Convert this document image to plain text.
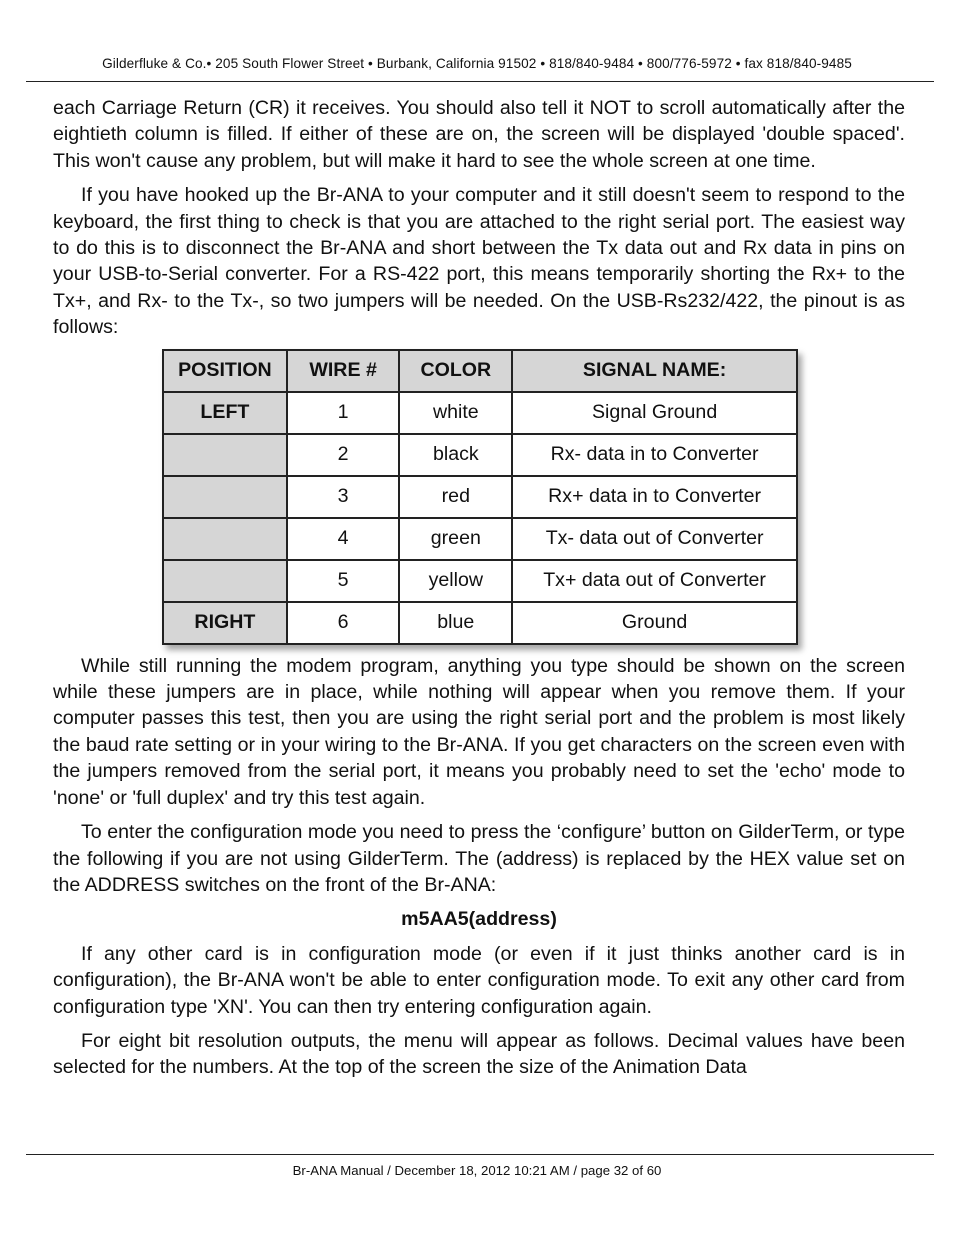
Gilderfluke & Co.• 205 South Flower Street • Burbank, California 91502 • 818/840-9484 • 800/776-5972 • fax 818/840-9485

each Carriage Return (CR) it receives. You should also tell it NOT to scroll automatically after the eightieth column is filled. If either of these are on, the screen will be displayed 'double spaced'. This won't cause any problem, but will make it hard to see the whole screen at one time.

If you have hooked up the Br-ANA to your computer and it still doesn't seem to respond to the keyboard, the first thing to check is that you are attached to the right serial port. The easiest way to do this is to disconnect the Br-ANA and short between the Tx data out and Rx data in pins on your USB-to-Serial converter. For a RS-422 port, this means temporarily shorting the Rx+ to the Tx+, and Rx- to the Tx-, so two jumpers will be needed. On the USB-Rs232/422, the pinout is as follows:

POSITION	WIRE #	COLOR	SIGNAL NAME:
LEFT	1	white	Signal Ground
	2	black	Rx- data in to Converter
	3	red	Rx+ data in to Converter
	4	green	Tx- data out of Converter
	5	yellow	Tx+ data out of Converter
RIGHT	6	blue	Ground

While still running the modem program, anything you type should be shown on the screen while these jumpers are in place, while nothing will appear when you remove them. If your computer passes this test, then you are using the right serial port and the problem is most likely the baud rate setting or in your wiring to the Br-ANA. If you get characters on the screen even with the jumpers removed from the serial port, it means you probably need to set the 'echo' mode to 'none' or 'full duplex' and try this test again.

To enter the configuration mode you need to press the ‘configure’ button on GilderTerm, or type the following if you are not using GilderTerm. The (address) is replaced by the HEX value set on the ADDRESS switches on the front of the Br-ANA:

m5AA5(address)

If any other card is in configuration mode (or even if it just thinks another card is in configuration), the Br-ANA won't be able to enter configuration mode. To exit any other card from configuration type 'XN'. You can then try entering configuration again.

For eight bit resolution outputs, the menu will appear as follows. Decimal values have been selected for the numbers. At the top of the screen the size of the Animation Data

Br-ANA Manual / December 18, 2012 10:21 AM / page 32 of 60
